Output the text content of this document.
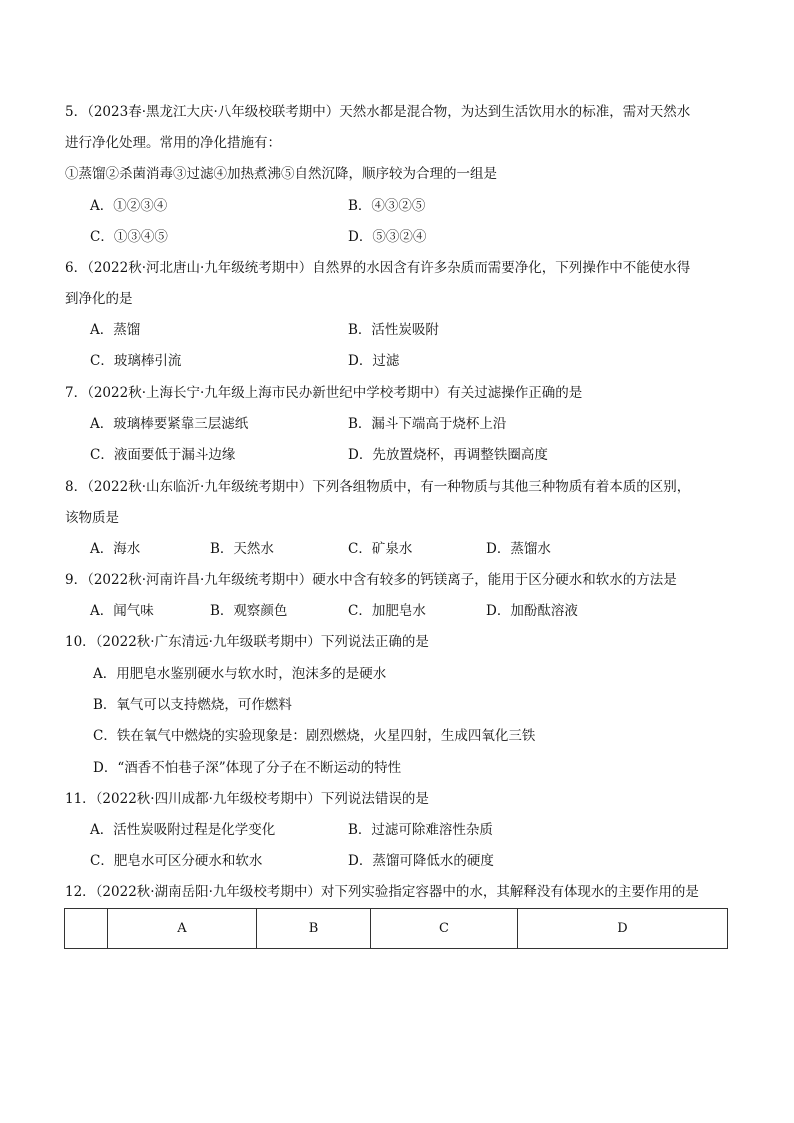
5．（2023春·黑龙江大庆·八年级校联考期中）天然水都是混合物，为达到生活饮用水的标准，需对天然水
进行净化处理。常用的净化措施有：
①蒸馏②杀菌消毒③过滤④加热煮沸⑤自然沉降，顺序较为合理的一组是
A．①②③④	B．④③②⑤
C．①③④⑤	D．⑤③②④
6．（2022秋·河北唐山·九年级统考期中）自然界的水因含有许多杂质而需要净化，下列操作中不能使水得
到净化的是
A．蒸馏	B．活性炭吸附
C．玻璃棒引流	D．过滤
7．（2022秋·上海长宁·九年级上海市民办新世纪中学校考期中）有关过滤操作正确的是
A．玻璃棒要紧靠三层滤纸	B．漏斗下端高于烧杯上沿
C．液面要低于漏斗边缘	D．先放置烧杯，再调整铁圈高度
8．（2022秋·山东临沂·九年级统考期中）下列各组物质中，有一种物质与其他三种物质有着本质的区别，
该物质是
A．海水	B．天然水	C．矿泉水	D．蒸馏水
9．（2022秋·河南许昌·九年级统考期中）硬水中含有较多的钙镁离子，能用于区分硬水和软水的方法是
A．闻气味	B．观察颜色	C．加肥皂水	D．加酚酞溶液
10．（2022秋·广东清远·九年级联考期中）下列说法正确的是
A．用肥皂水鉴别硬水与软水时，泡沫多的是硬水
B．氧气可以支持燃烧，可作燃料
C．铁在氧气中燃烧的实验现象是：剧烈燃烧，火星四射，生成四氧化三铁
D．“酒香不怕巷子深”体现了分子在不断运动的特性
11．（2022秋·四川成都·九年级校考期中）下列说法错误的是
A．活性炭吸附过程是化学变化	B．过滤可除难溶性杂质
C．肥皂水可区分硬水和软水	D．蒸馏可降低水的硬度
12．（2022秋·湖南岳阳·九年级校考期中）对下列实验指定容器中的水，其解释没有体现水的主要作用的是
	A	B	C	D
